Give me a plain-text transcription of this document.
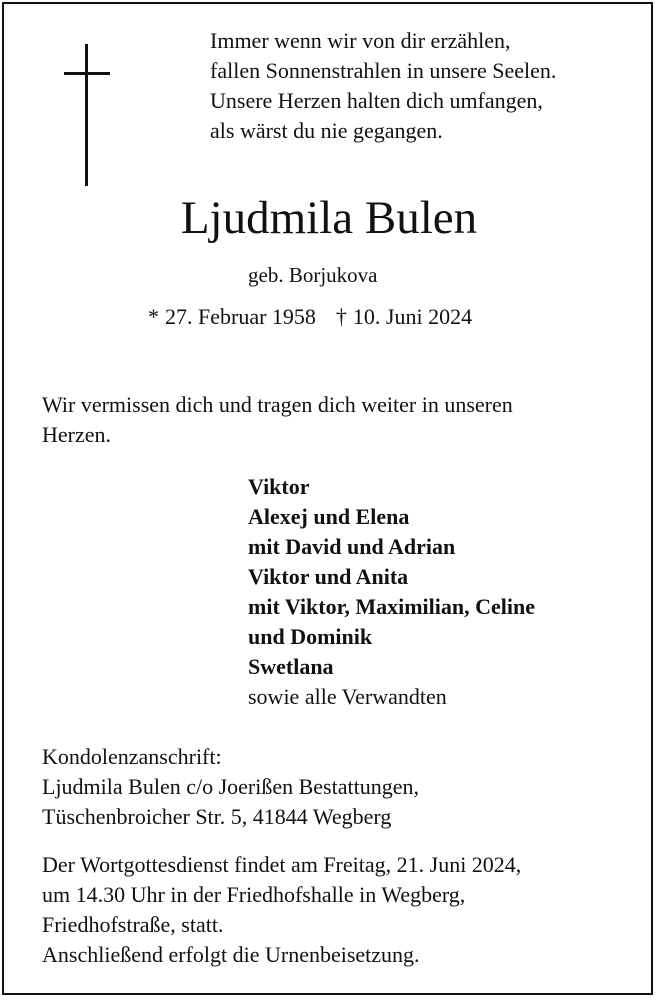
Immer wenn wir von dir erzählen,
fallen Sonnenstrahlen in unsere Seelen.
Unsere Herzen halten dich umfangen,
als wärst du nie gegangen.
Ljudmila Bulen
geb. Borjukova
* 27. Februar 1958 † 10. Juni 2024
Wir vermissen dich und tragen dich weiter in unseren
Herzen.
Viktor
Alexej und Elena
mit David und Adrian
Viktor und Anita
mit Viktor, Maximilian, Celine
und Dominik
Swetlana
sowie alle Verwandten
Kondolenzanschrift:
Ljudmila Bulen c/o Joerißen Bestattungen,
Tüschenbroicher Str. 5, 41844 Wegberg
Der Wortgottesdienst findet am Freitag, 21. Juni 2024,
um 14.30 Uhr in der Friedhofshalle in Wegberg,
Friedhofstraße, statt.
Anschließend erfolgt die Urnenbeisetzung.
